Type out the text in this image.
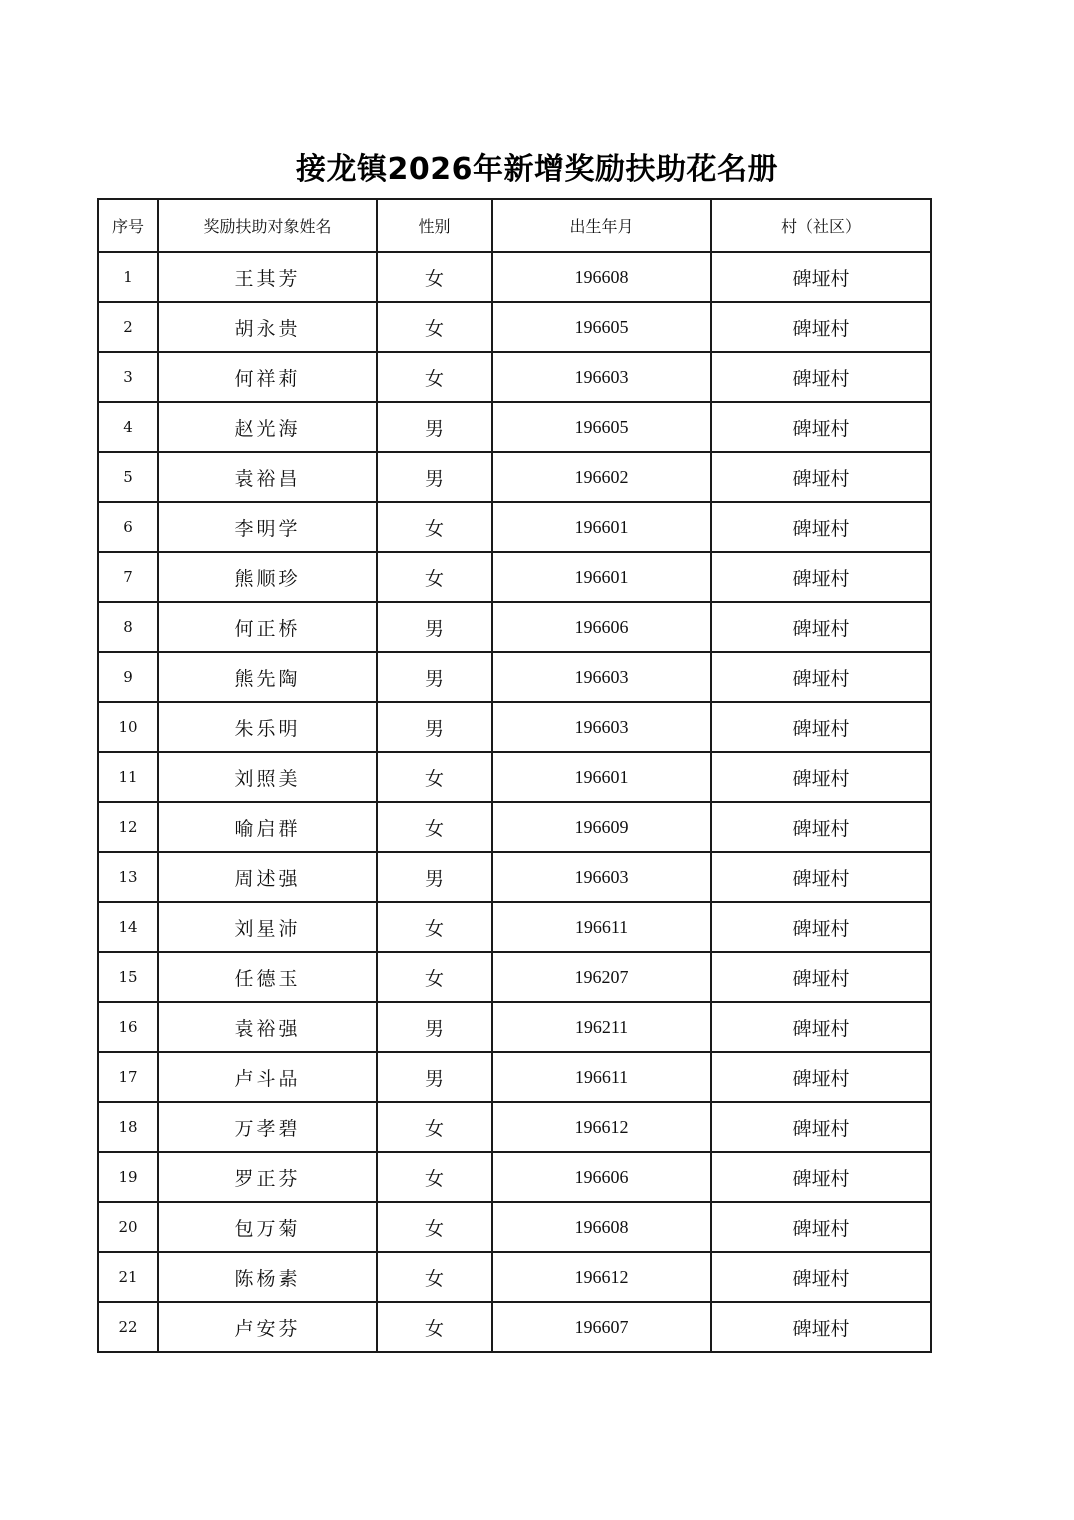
接龙镇2026年新增奖励扶助花名册
序号	奖励扶助对象姓名	性别	出生年月	村（社区）
1	王其芳	女	196608	碑垭村
2	胡永贵	女	196605	碑垭村
3	何祥莉	女	196603	碑垭村
4	赵光海	男	196605	碑垭村
5	袁裕昌	男	196602	碑垭村
6	李明学	女	196601	碑垭村
7	熊顺珍	女	196601	碑垭村
8	何正桥	男	196606	碑垭村
9	熊先陶	男	196603	碑垭村
10	朱乐明	男	196603	碑垭村
11	刘照美	女	196601	碑垭村
12	喻启群	女	196609	碑垭村
13	周述强	男	196603	碑垭村
14	刘星沛	女	196611	碑垭村
15	任德玉	女	196207	碑垭村
16	袁裕强	男	196211	碑垭村
17	卢斗品	男	196611	碑垭村
18	万孝碧	女	196612	碑垭村
19	罗正芬	女	196606	碑垭村
20	包万菊	女	196608	碑垭村
21	陈杨素	女	196612	碑垭村
22	卢安芬	女	196607	碑垭村
